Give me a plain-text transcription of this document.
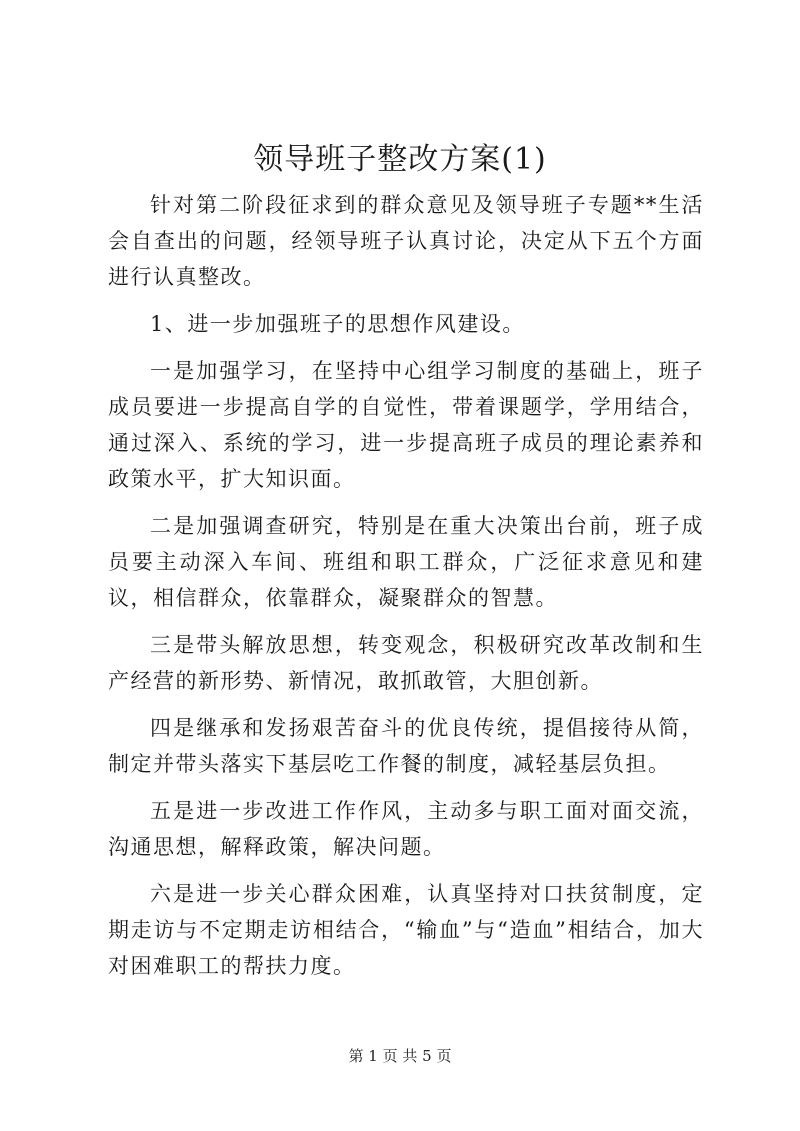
领导班子整改方案(1)

针对第二阶段征求到的群众意见及领导班子专题**生活会自查出的问题，经领导班子认真讨论，决定从下五个方面进行认真整改。

1、进一步加强班子的思想作风建设。

一是加强学习，在坚持中心组学习制度的基础上，班子成员要进一步提高自学的自觉性，带着课题学，学用结合，通过深入、系统的学习，进一步提高班子成员的理论素养和政策水平，扩大知识面。

二是加强调查研究，特别是在重大决策出台前，班子成员要主动深入车间、班组和职工群众，广泛征求意见和建议，相信群众，依靠群众，凝聚群众的智慧。

三是带头解放思想，转变观念，积极研究改革改制和生产经营的新形势、新情况，敢抓敢管，大胆创新。

四是继承和发扬艰苦奋斗的优良传统，提倡接待从简，制定并带头落实下基层吃工作餐的制度，减轻基层负担。

五是进一步改进工作作风，主动多与职工面对面交流，沟通思想，解释政策，解决问题。

六是进一步关心群众困难，认真坚持对口扶贫制度，定期走访与不定期走访相结合，“输血”与“造血”相结合，加大对困难职工的帮扶力度。

第 1 页 共 5 页
